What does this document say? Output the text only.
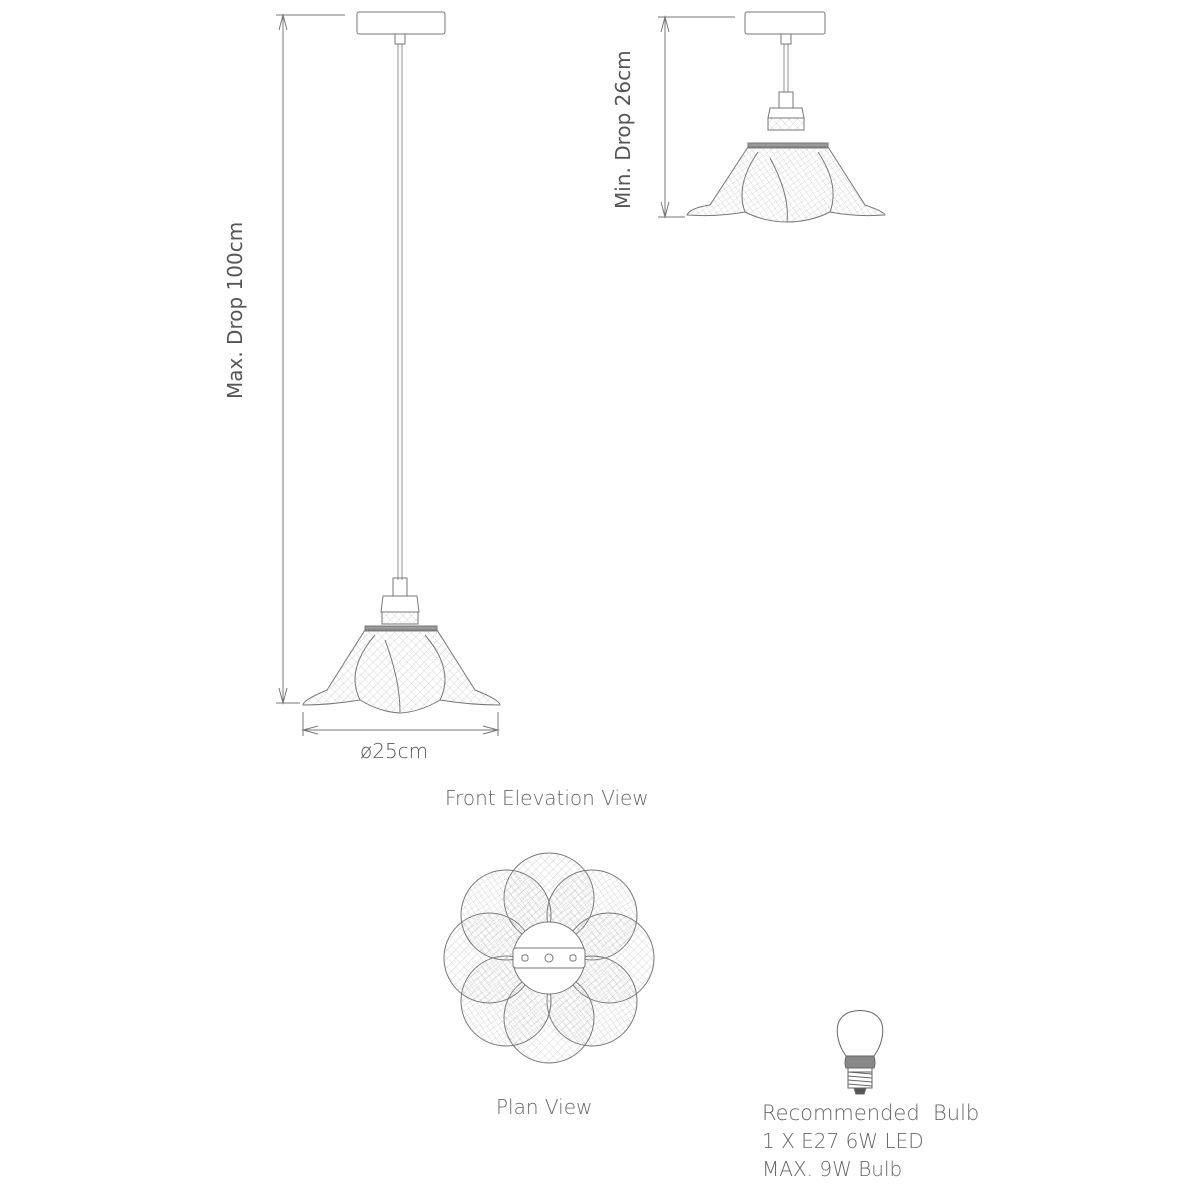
Max. Drop 100cm
Min. Drop 26cm
ø25cm
Front Elevation View
Plan View	Recommended  Bulb
1 X E27 6W LED
MAX. 9W Bulb
